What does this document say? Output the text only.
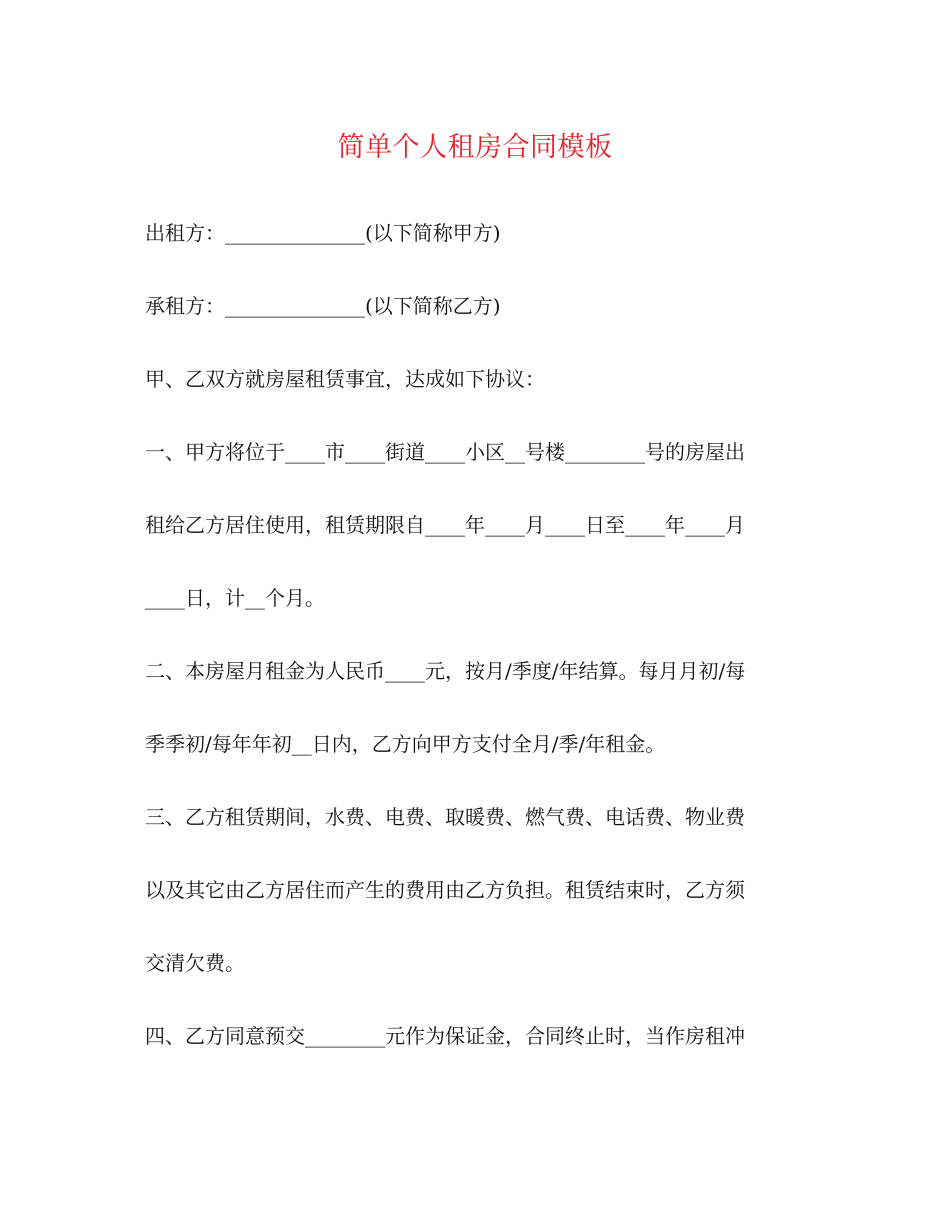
简单个人租房合同模板
出租方：______________(以下简称甲方)
承租方：______________(以下简称乙方)
甲、乙双方就房屋租赁事宜，达成如下协议：
一、甲方将位于____市____街道____小区__号楼________号的房屋出
租给乙方居住使用，租赁期限自____年____月____日至____年____月
____日，计__个月。
二、本房屋月租金为人民币____元，按月/季度/年结算。每月月初/每
季季初/每年年初__日内，乙方向甲方支付全月/季/年租金。
三、乙方租赁期间，水费、电费、取暖费、燃气费、电话费、物业费
以及其它由乙方居住而产生的费用由乙方负担。租赁结束时，乙方须
交清欠费。
四、乙方同意预交________元作为保证金，合同终止时，当作房租冲
